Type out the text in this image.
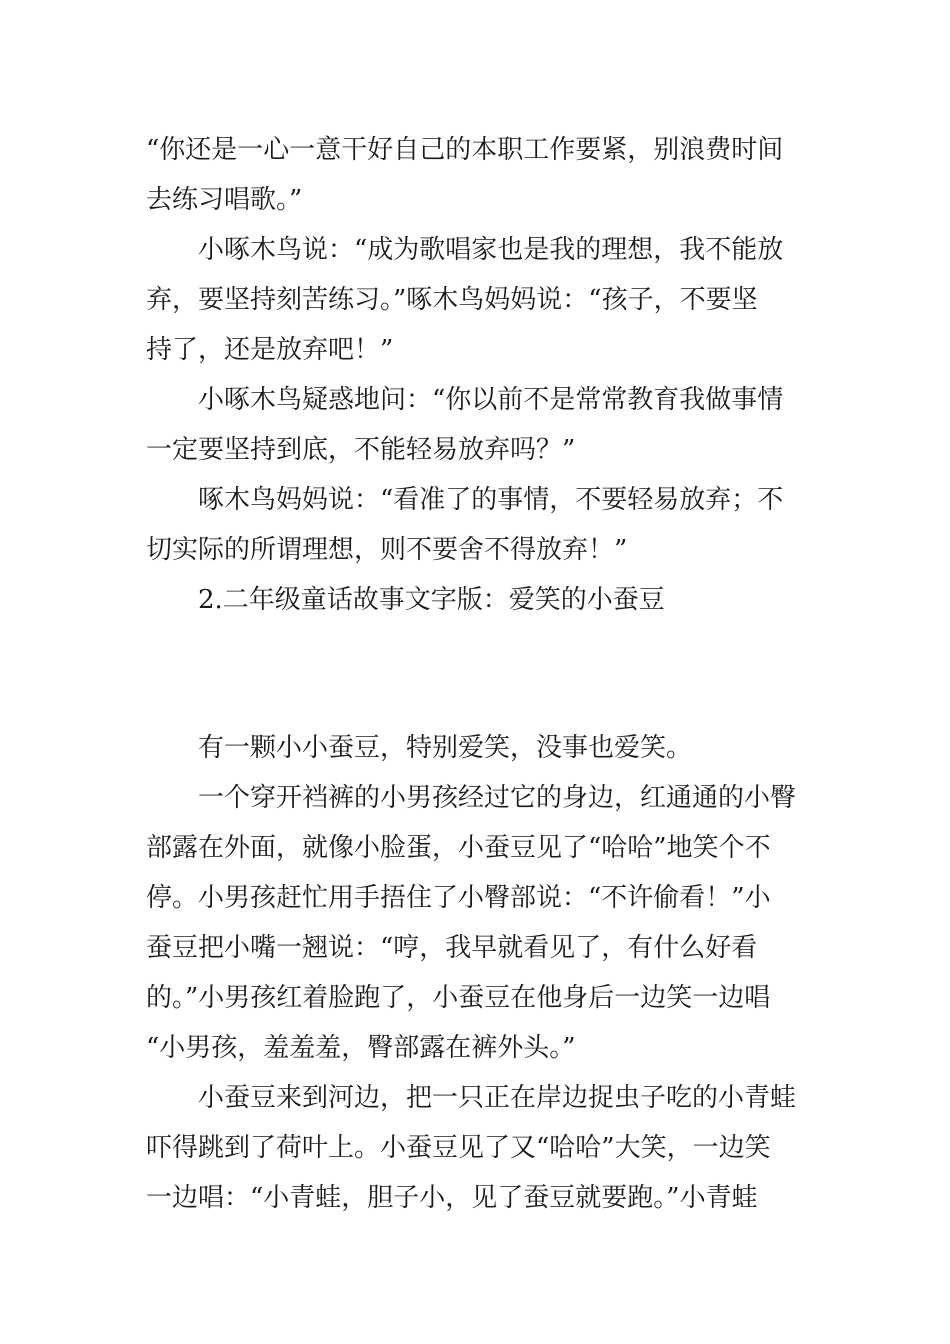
“你还是一心一意干好自己的本职工作要紧，别浪费时间
去练习唱歌。”
小啄木鸟说：“成为歌唱家也是我的理想，我不能放
弃，要坚持刻苦练习。”啄木鸟妈妈说：“孩子，不要坚
持了，还是放弃吧！”
小啄木鸟疑惑地问：“你以前不是常常教育我做事情
一定要坚持到底，不能轻易放弃吗？”
啄木鸟妈妈说：“看准了的事情，不要轻易放弃；不
切实际的所谓理想，则不要舍不得放弃！”
2.二年级童话故事文字版：爱笑的小蚕豆
有一颗小小蚕豆，特别爱笑，没事也爱笑。
一个穿开裆裤的小男孩经过它的身边，红通通的小臀
部露在外面，就像小脸蛋，小蚕豆见了“哈哈”地笑个不
停。小男孩赶忙用手捂住了小臀部说：“不许偷看！”小
蚕豆把小嘴一翘说：“哼，我早就看见了，有什么好看
的。”小男孩红着脸跑了，小蚕豆在他身后一边笑一边唱
“小男孩，羞羞羞，臀部露在裤外头。”
小蚕豆来到河边，把一只正在岸边捉虫子吃的小青蛙
吓得跳到了荷叶上。小蚕豆见了又“哈哈”大笑，一边笑
一边唱：“小青蛙，胆子小，见了蚕豆就要跑。”小青蛙
